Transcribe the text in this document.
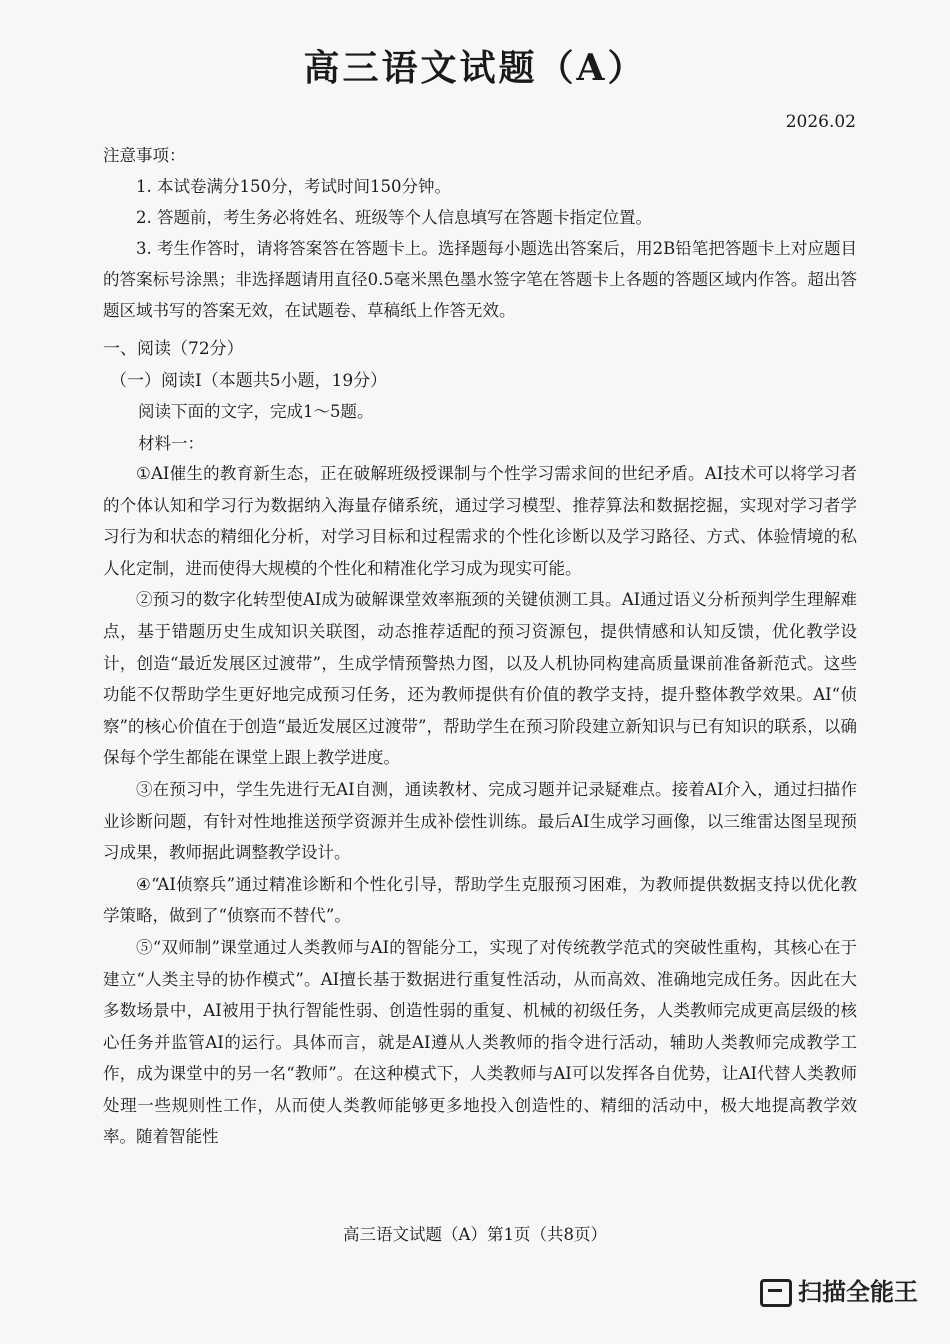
高三语文试题（A）
2026.02
注意事项：

1. 本试卷满分150分，考试时间150分钟。

2. 答题前，考生务必将姓名、班级等个人信息填写在答题卡指定位置。

3. 考生作答时，请将答案答在答题卡上。选择题每小题选出答案后，用2B铅笔把答题卡上对应题目的答案标号涂黑；非选择题请用直径0.5毫米黑色墨水签字笔在答题卡上各题的答题区域内作答。超出答题区域书写的答案无效，在试题卷、草稿纸上作答无效。

一、阅读（72分）
（一）阅读Ⅰ（本题共5小题，19分）
阅读下面的文字，完成1～5题。
材料一：

①AI催生的教育新生态，正在破解班级授课制与个性学习需求间的世纪矛盾。AI技术可以将学习者的个体认知和学习行为数据纳入海量存储系统，通过学习模型、推荐算法和数据挖掘，实现对学习者学习行为和状态的精细化分析，对学习目标和过程需求的个性化诊断以及学习路径、方式、体验情境的私人化定制，进而使得大规模的个性化和精准化学习成为现实可能。

②预习的数字化转型使AI成为破解课堂效率瓶颈的关键侦测工具。AI通过语义分析预判学生理解难点，基于错题历史生成知识关联图，动态推荐适配的预习资源包，提供情感和认知反馈，优化教学设计，创造“最近发展区过渡带”，生成学情预警热力图，以及人机协同构建高质量课前准备新范式。这些功能不仅帮助学生更好地完成预习任务，还为教师提供有价值的教学支持，提升整体教学效果。AI“侦察”的核心价值在于创造“最近发展区过渡带”，帮助学生在预习阶段建立新知识与已有知识的联系，以确保每个学生都能在课堂上跟上教学进度。

③在预习中，学生先进行无AI自测，通读教材、完成习题并记录疑难点。接着AI介入，通过扫描作业诊断问题，有针对性地推送预学资源并生成补偿性训练。最后AI生成学习画像，以三维雷达图呈现预习成果，教师据此调整教学设计。

④“AI侦察兵”通过精准诊断和个性化引导，帮助学生克服预习困难，为教师提供数据支持以优化教学策略，做到了“侦察而不替代”。

⑤“双师制”课堂通过人类教师与AI的智能分工，实现了对传统教学范式的突破性重构，其核心在于建立“人类主导的协作模式”。AI擅长基于数据进行重复性活动，从而高效、准确地完成任务。因此在大多数场景中，AI被用于执行智能性弱、创造性弱的重复、机械的初级任务，人类教师完成更高层级的核心任务并监管AI的运行。具体而言，就是AI遵从人类教师的指令进行活动，辅助人类教师完成教学工作，成为课堂中的另一名“教师”。在这种模式下，人类教师与AI可以发挥各自优势，让AI代替人类教师处理一些规则性工作，从而使人类教师能够更多地投入创造性的、精细的活动中，极大地提高教学效率。随着智能性

高三语文试题（A）第1页（共8页）
扫描全能王
